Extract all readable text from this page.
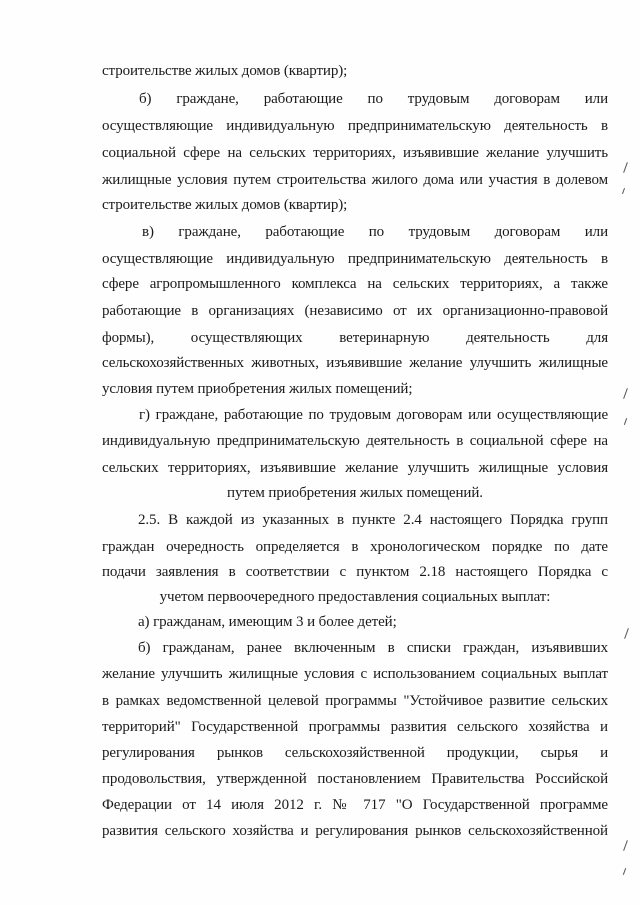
строительстве жилых домов (квартир);
б) граждане, работающие по трудовым договорам или
осуществляющие индивидуальную предпринимательскую деятельность в
социальной сфере на сельских территориях, изъявившие желание улучшить
жилищные условия путем строительства жилого дома или участия в долевом
строительстве жилых домов (квартир);
в) граждане, работающие по трудовым договорам или
осуществляющие индивидуальную предпринимательскую деятельность в
сфере агропромышленного комплекса на сельских территориях, а также
работающие в организациях (независимо от их организационно-правовой
формы), осуществляющих ветеринарную деятельность для
сельскохозяйственных животных, изъявившие желание улучшить жилищные
условия путем приобретения жилых помещений;
г) граждане, работающие по трудовым договорам или осуществляющие
индивидуальную предпринимательскую деятельность в социальной сфере на
сельских территориях, изъявившие желание улучшить жилищные условия
путем приобретения жилых помещений.
2.5. В каждой из указанных в пункте 2.4 настоящего Порядка групп
граждан очередность определяется в хронологическом порядке по дате
подачи заявления в соответствии с пунктом 2.18 настоящего Порядка с
учетом первоочередного предоставления социальных выплат:
а) гражданам, имеющим 3 и более детей;
б) гражданам, ранее включенным в списки граждан, изъявивших
желание улучшить жилищные условия с использованием социальных выплат
в рамках ведомственной целевой программы "Устойчивое развитие сельских
территорий" Государственной программы развития сельского хозяйства и
регулирования рынков сельскохозяйственной продукции, сырья и
продовольствия, утвержденной постановлением Правительства Российской
Федерации от 14 июля 2012 г. № 717 "О Государственной программе
развития сельского хозяйства и регулирования рынков сельскохозяйственной
